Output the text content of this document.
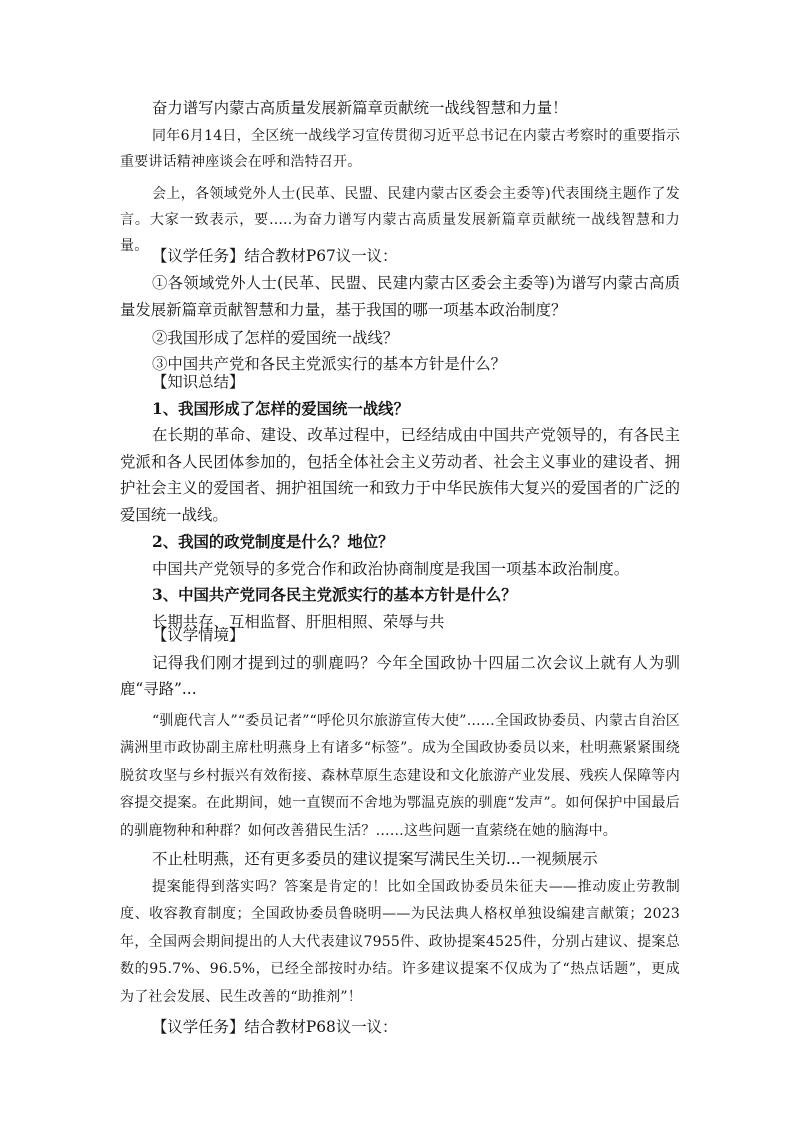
奋力谱写内蒙古高质量发展新篇章贡献统一战线智慧和力量！

同年6月14日，全区统一战线学习宣传贯彻习近平总书记在内蒙古考察时的重要指示重要讲话精神座谈会在呼和浩特召开。

会上，各领域党外人士(民革、民盟、民建内蒙古区委会主委等)代表围绕主题作了发言。大家一致表示，要.....为奋力谱写内蒙古高质量发展新篇章贡献统一战线智慧和力量。

【议学任务】结合教材P67议一议：

①各领域党外人士(民革、民盟、民建内蒙古区委会主委等)为谱写内蒙古高质量发展新篇章贡献智慧和力量，基于我国的哪一项基本政治制度？

②我国形成了怎样的爱国统一战线？

③中国共产党和各民主党派实行的基本方针是什么？

【知识总结】

1、我国形成了怎样的爱国统一战线？

在长期的革命、建设、改革过程中，已经结成由中国共产党领导的，有各民主党派和各人民团体参加的，包括全体社会主义劳动者、社会主义事业的建设者、拥护社会主义的爱国者、拥护祖国统一和致力于中华民族伟大复兴的爱国者的广泛的爱国统一战线。

2、我国的政党制度是什么？地位？

中国共产党领导的多党合作和政治协商制度是我国一项基本政治制度。

3、中国共产党同各民主党派实行的基本方针是什么？

长期共存、互相监督、肝胆相照、荣辱与共

【议学情境】

记得我们刚才提到过的驯鹿吗？今年全国政协十四届二次会议上就有人为驯鹿“寻路”...

“驯鹿代言人”“委员记者”“呼伦贝尔旅游宣传大使”……全国政协委员、内蒙古自治区满洲里市政协副主席杜明燕身上有诸多“标签”。成为全国政协委员以来，杜明燕紧紧围绕脱贫攻坚与乡村振兴有效衔接、森林草原生态建设和文化旅游产业发展、残疾人保障等内容提交提案。在此期间，她一直锲而不舍地为鄂温克族的驯鹿“发声”。如何保护中国最后的驯鹿物种和种群？如何改善猎民生活？……这些问题一直萦绕在她的脑海中。

不止杜明燕，还有更多委员的建议提案写满民生关切...一视频展示

提案能得到落实吗？答案是肯定的！比如全国政协委员朱征夫——推动废止劳教制度、收容教育制度；全国政协委员鲁晓明——为民法典人格权单独设编建言献策；2023年，全国两会期间提出的人大代表建议7955件、政协提案4525件，分别占建议、提案总数的95.7%、96.5%，已经全部按时办结。许多建议提案不仅成为了“热点话题”，更成为了社会发展、民生改善的“助推剂”！

【议学任务】结合教材P68议一议：
